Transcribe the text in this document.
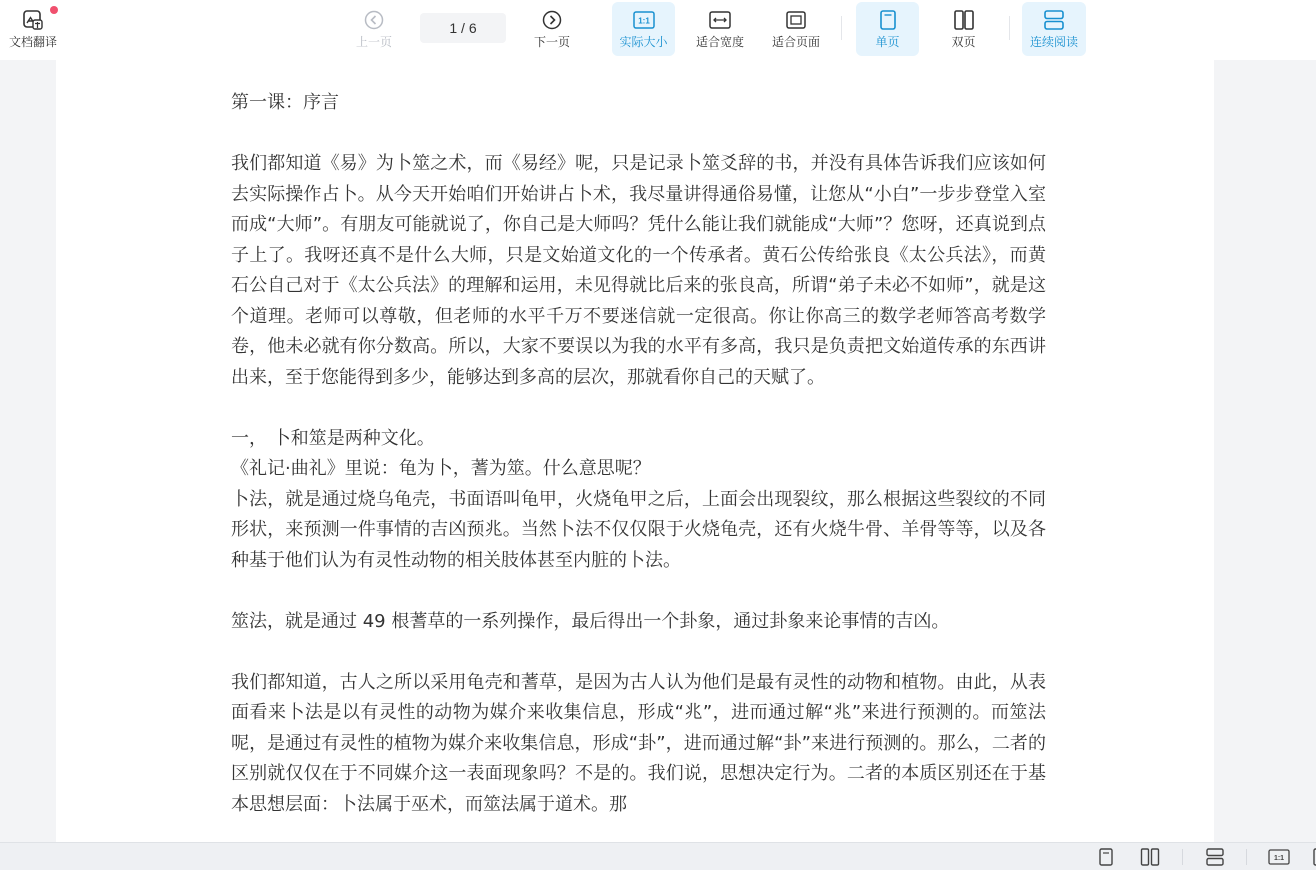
文档翻译	上一页
1 / 6
下一页
1:1
实际大小 适合宽度 适合页面	单页	双页	连续阅读
第一课：序言
我们都知道《易》为卜筮之术，而《易经》呢，只是记录卜筮爻辞的书，并没有具体告诉我们应该如何去实际操作占卜。从今天开始咱们开始讲占卜术，我尽量讲得通俗易懂，让您从“小白”一步步登堂入室而成“大师”。有朋友可能就说了，你自己是大师吗？凭什么能让我们就能成“大师”？您呀，还真说到点子上了。我呀还真不是什么大师，只是文始道文化的一个传承者。黄石公传给张良《太公兵法》，而黄石公自己对于《太公兵法》的理解和运用，未见得就比后来的张良高，所谓“弟子未必不如师”，就是这个道理。老师可以尊敬，但老师的水平千万不要迷信就一定很高。你让你高三的数学老师答高考数学卷，他未必就有你分数高。所以，大家不要误以为我的水平有多高，我只是负责把文始道传承的东西讲出来，至于您能得到多少，能够达到多高的层次，那就看你自己的天赋了。
一， 卜和筮是两种文化。
《礼记·曲礼》里说：龟为卜，蓍为筮。什么意思呢？
卜法，就是通过烧乌龟壳，书面语叫龟甲，火烧龟甲之后，上面会出现裂纹，那么根据这些裂纹的不同形状，来预测一件事情的吉凶预兆。当然卜法不仅仅限于火烧龟壳，还有火烧牛骨、羊骨等等，以及各种基于他们认为有灵性动物的相关肢体甚至内脏的卜法。
筮法，就是通过 49 根蓍草的一系列操作，最后得出一个卦象，通过卦象来论事情的吉凶。
我们都知道，古人之所以采用龟壳和蓍草，是因为古人认为他们是最有灵性的动物和植物。由此，从表面看来卜法是以有灵性的动物为媒介来收集信息，形成“兆”，进而通过解“兆”来进行预测的。而筮法呢，是通过有灵性的植物为媒介来收集信息，形成“卦”，进而通过解“卦”来进行预测的。那么，二者的区别就仅仅在于不同媒介这一表面现象吗？不是的。我们说，思想决定行为。二者的本质区别还在于基本思想层面：卜法属于巫术，而筮法属于道术。那
1:1
